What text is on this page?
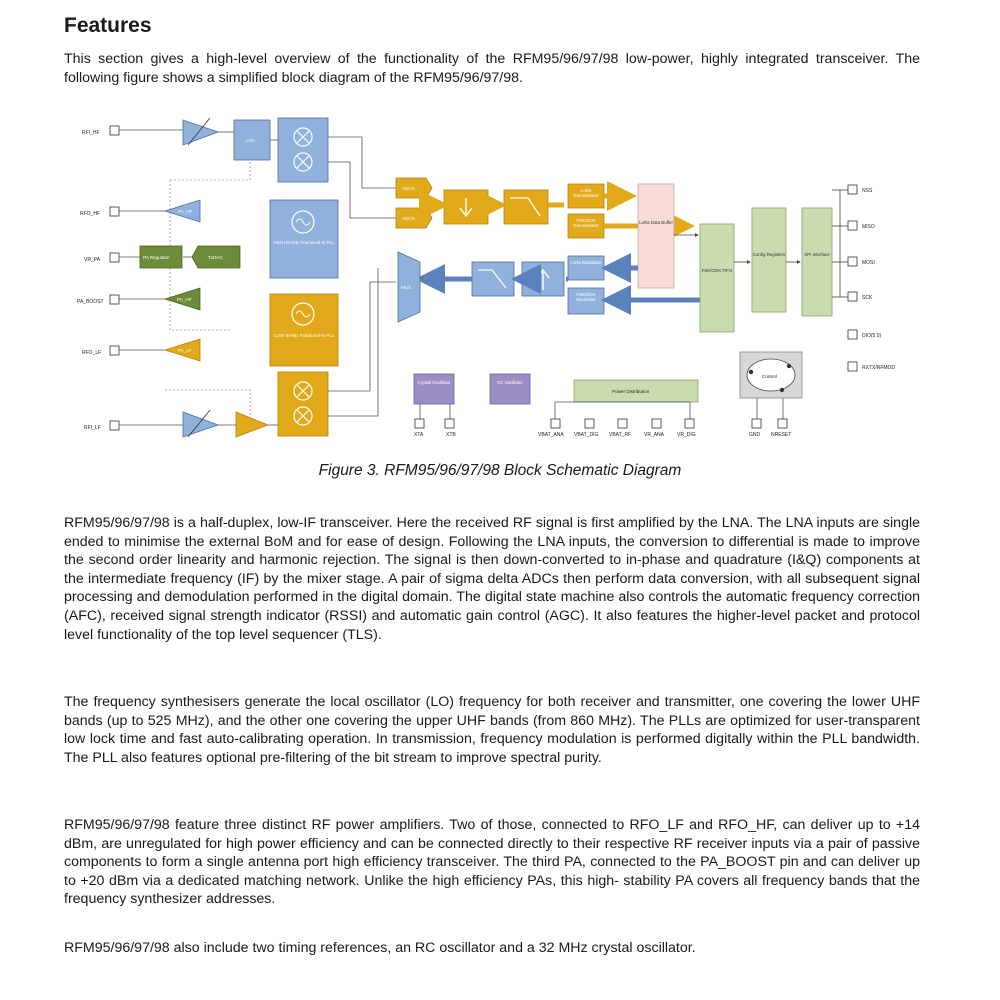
Features

This section gives a high-level overview of the functionality of the RFM95/96/97/98 low-power, highly integrated transceiver. The following figure shows a simplified block diagram of the RFM95/96/97/98.

RFI_HF
RFO_HF
VR_PA
PA_BOOST
RFO_LF
RFI_LF
LNA
PA_HF
PA_HP
PA_LF
PA Regulator	TxDAC
HIGH BAND Fractional-N PLL
LOW BAND Fractional-N PLL
ADCS
ADCS
LoRa Demodulator
FSK/OOK Demodulator
LoRa Data Buffer
LoRa Modulator
FSK/OOK Modulator
MUX
FSK/OOK FIFO
Config Registers	SPI Interface
NSS
MISO
MOSI
SCK
DIO(5:0)
RXTX/RFMOD
Control
Crystal Oscillator	RC Oscillator
Power Distribution
XTA	XTB	VBAT_ANA VBAT_DIG VBAT_RF	VR_ANA	VR_DIG	GND NRESET
Figure 3. RFM95/96/97/98 Block Schematic Diagram

RFM95/96/97/98 is a half-duplex, low-IF transceiver. Here the received RF signal is first amplified by the LNA. The LNA inputs are single ended to minimise the external BoM and for ease of design. Following the LNA inputs, the conversion to differential is made to improve the second order linearity and harmonic rejection. The signal is then down-converted to in-phase and quadrature (I&Q) components at the intermediate frequency (IF) by the mixer stage. A pair of sigma delta ADCs then perform data conversion, with all subsequent signal processing and demodulation performed in the digital domain. The digital state machine also controls the automatic frequency correction (AFC), received signal strength indicator (RSSI) and automatic gain control (AGC). It also features the higher-level packet and protocol level functionality of the top level sequencer (TLS).

The frequency synthesisers generate the local oscillator (LO) frequency for both receiver and transmitter, one covering the lower UHF bands (up to 525 MHz), and the other one covering the upper UHF bands (from 860 MHz). The PLLs are optimized for user-transparent low lock time and fast auto-calibrating operation. In transmission, frequency modulation is performed digitally within the PLL bandwidth. The PLL also features optional pre-filtering of the bit stream to improve spectral purity.

RFM95/96/97/98 feature three distinct RF power amplifiers. Two of those, connected to RFO_LF and RFO_HF, can deliver up to +14 dBm, are unregulated for high power efficiency and can be connected directly to their respective RF receiver inputs via a pair of passive components to form a single antenna port high efficiency transceiver. The third PA, connected to the PA_BOOST pin and can deliver up to +20 dBm via a dedicated matching network. Unlike the high efficiency PAs, this high- stability PA covers all frequency bands that the frequency synthesizer addresses.

RFM95/96/97/98 also include two timing references, an RC oscillator and a 32 MHz crystal oscillator.
